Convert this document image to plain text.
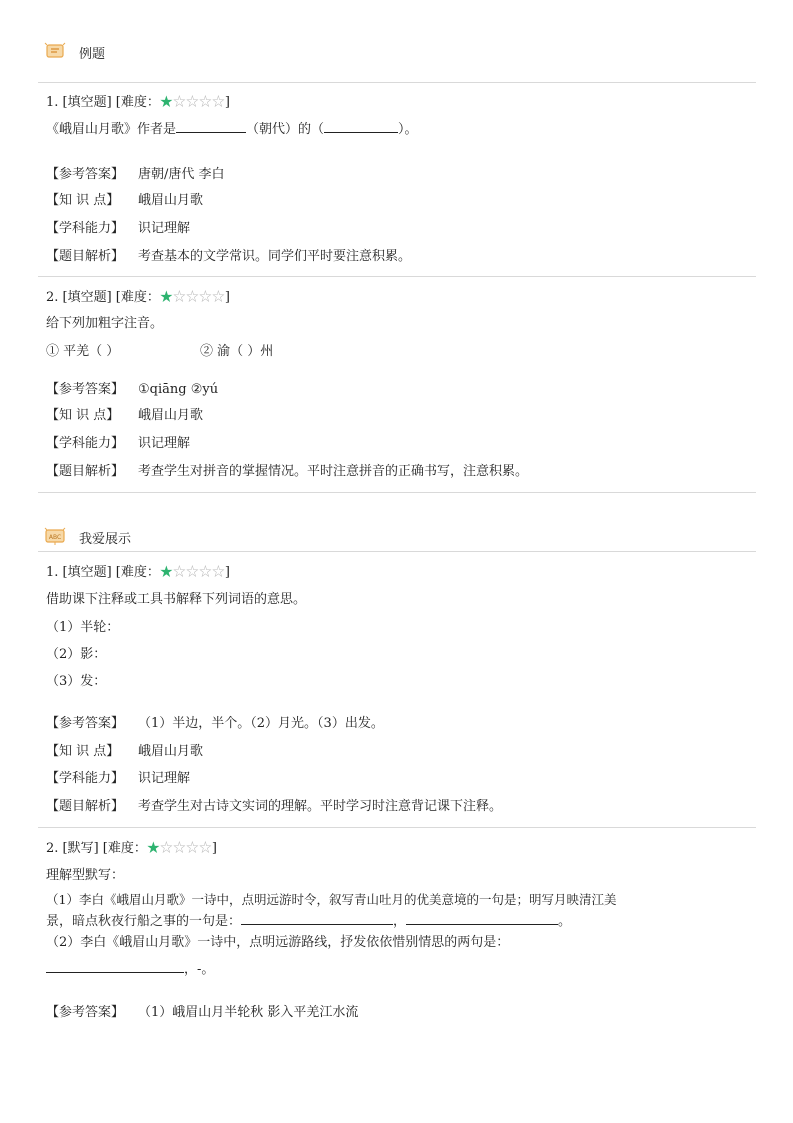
例题
1. [填空题] [难度：★☆☆☆☆]
《峨眉山月歌》作者是	（朝代）的（	）。
【参考答案】 唐朝/唐代 李白
【知 识 点】 峨眉山月歌
【学科能力】 识记理解
【题目解析】 考查基本的文学常识。同学们平时要注意积累。
2. [填空题] [难度：★☆☆☆☆]
给下列加粗字注音。
① 平羌（ ）	② 渝（ ）州
【参考答案】 ①qiāng ②yú
【知 识 点】 峨眉山月歌
【学科能力】 识记理解
【题目解析】 考查学生对拼音的掌握情况。平时注意拼音的正确书写，注意积累。
ABC 我爱展示
1. [填空题] [难度：★☆☆☆☆]
借助课下注释或工具书解释下列词语的意思。
（1）半轮：
（2）影：
（3）发：
【参考答案】 （1）半边，半个。（2）月光。（3）出发。
【知 识 点】 峨眉山月歌
【学科能力】 识记理解
【题目解析】 考查学生对古诗文实词的理解。平时学习时注意背记课下注释。
2. [默写] [难度：★☆☆☆☆]
理解型默写：
（1）李白《峨眉山月歌》一诗中，点明远游时令，叙写青山吐月的优美意境的一句是；明写月映清江美
景，暗点秋夜行船之事的一句是：	，	。
（2）李白《峨眉山月歌》一诗中，点明远游路线，抒发依依惜别情思的两句是：
，-。
【参考答案】 （1）峨眉山月半轮秋 影入平羌江水流
